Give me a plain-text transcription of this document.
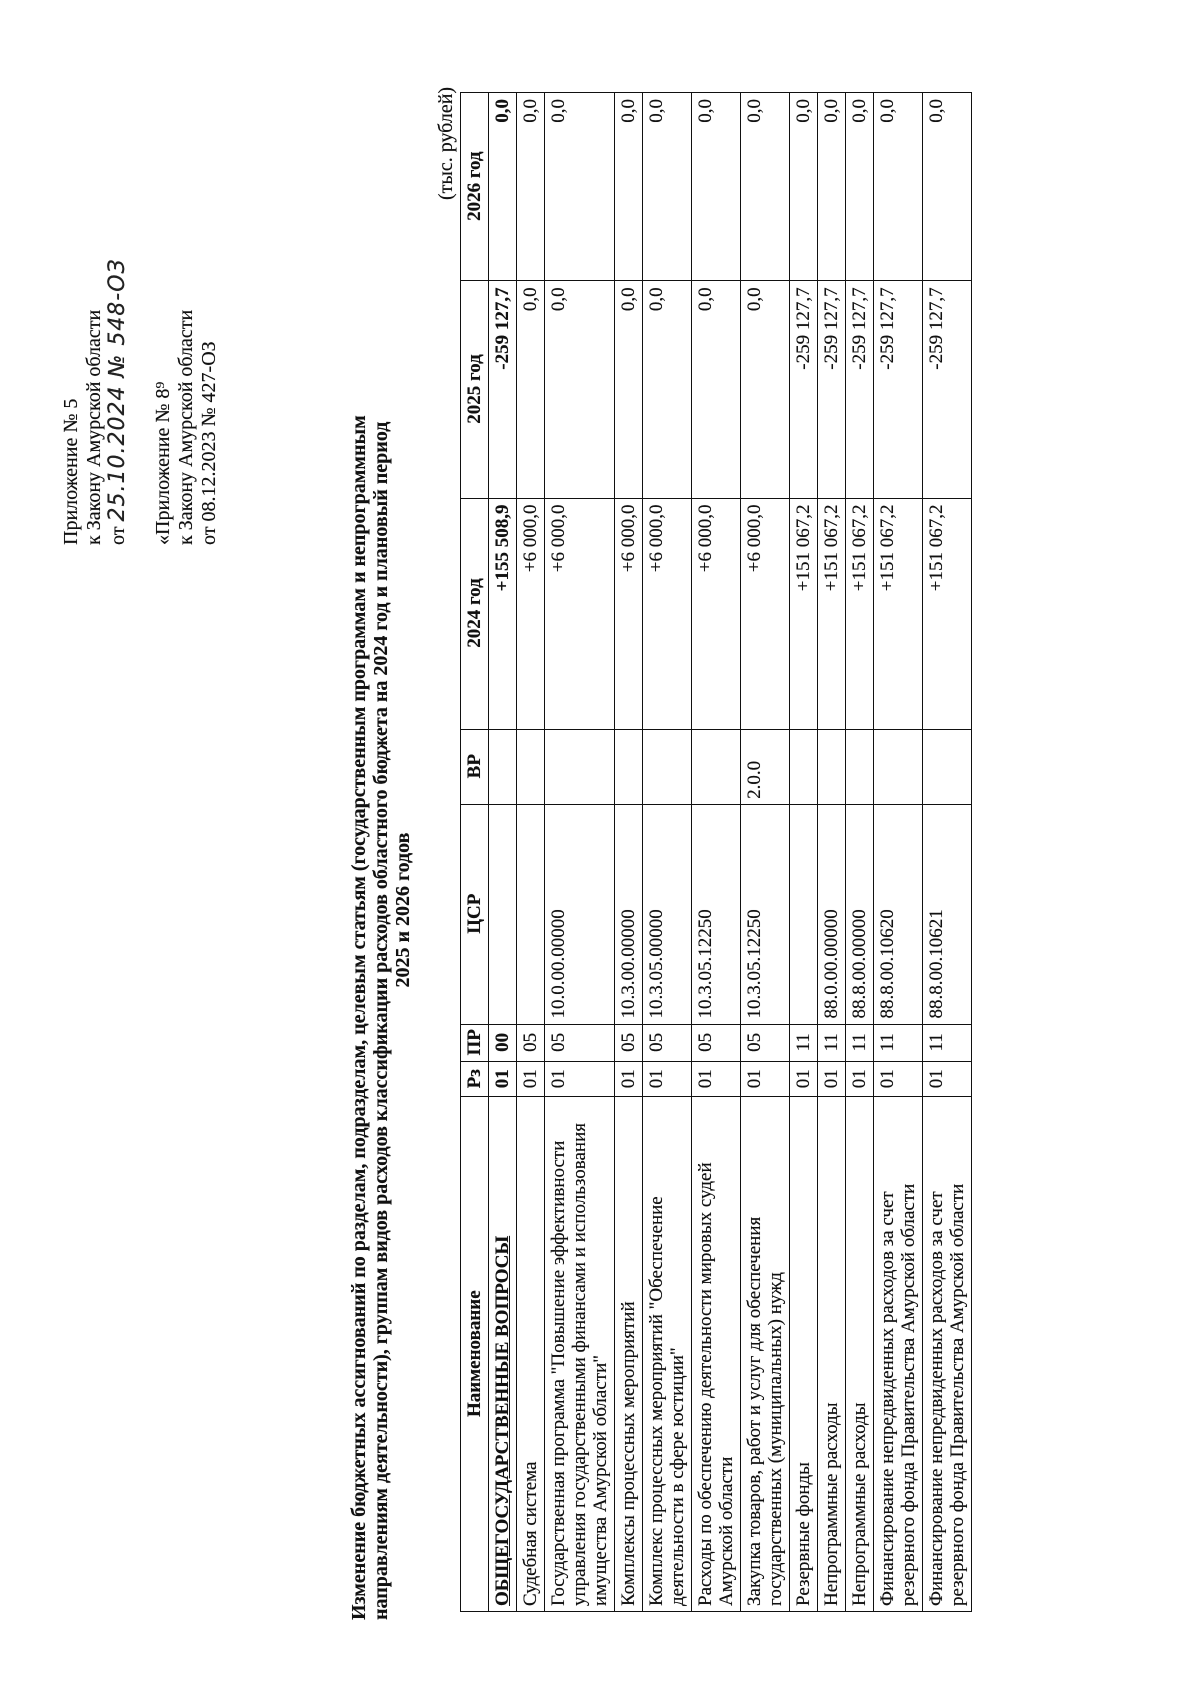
Приложение № 5 к Закону Амурской области от 25.10.2024 № 548-ОЗ «Приложение № 8⁹ к Закону Амурской области от 08.12.2023 № 427-ОЗ	Изменение бюджетных ассигнований по разделам, подразделам, целевым статьям (государственным программам и непрограммным направлениям деятельности), группам видов расходов классификации расходов областного бюджета на 2024 год и плановый период 2025 и 2026 годов
(тыс. рублей)
Наименование	Рз	ПР	ЦСР	ВР	2024 год	2025 год	2026 год
ОБЩЕГОСУДАРСТВЕННЫЕ ВОПРОСЫ	01	00			+155 508,9	-259 127,7	0,0
Судебная система	01	05			+6 000,0	0,0	0,0
Государственная программа "Повышение эффективности управления государственными финансами и использования имущества Амурской области"	01	05	10.0.00.00000		+6 000,0	0,0	0,0
Комплексы процессных мероприятий	01	05	10.3.00.00000		+6 000,0	0,0	0,0
Комплекс процессных мероприятий "Обеспечение деятельности в сфере юстиции"	01	05	10.3.05.00000		+6 000,0	0,0	0,0
Расходы по обеспечению деятельности мировых судей Амурской области	01	05	10.3.05.12250		+6 000,0	0,0	0,0
Закупка товаров, работ и услуг для обеспечения государственных (муниципальных) нужд	01	05	10.3.05.12250	2.0.0	+6 000,0	0,0	0,0
Резервные фонды	01	11			+151 067,2	-259 127,7	0,0
Непрограммные расходы	01	11	88.0.00.00000		+151 067,2	-259 127,7	0,0
Непрограммные расходы	01	11	88.8.00.00000		+151 067,2	-259 127,7	0,0
Финансирование непредвиденных расходов за счет резервного фонда Правительства Амурской области	01	11	88.8.00.10620		+151 067,2	-259 127,7	0,0
Финансирование непредвиденных расходов за счет резервного фонда Правительства Амурской области	01	11	88.8.00.10621		+151 067,2	-259 127,7	0,0
